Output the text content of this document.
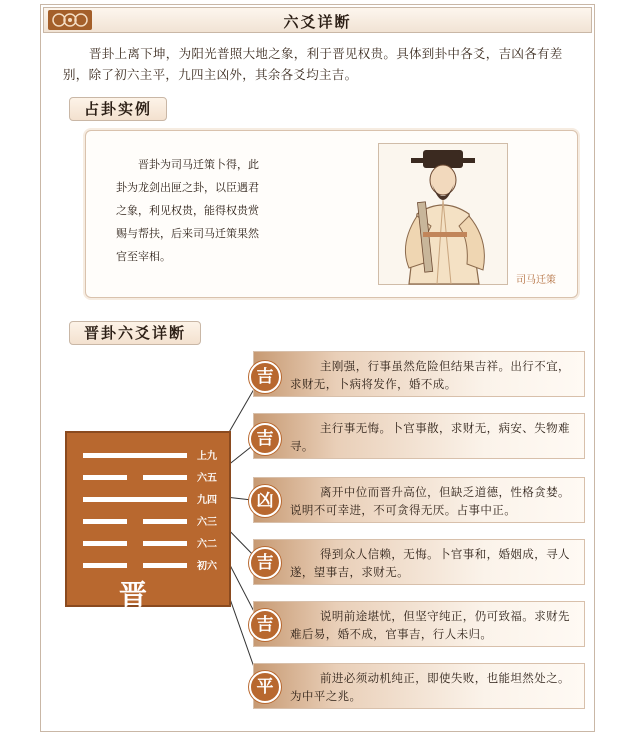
六爻详断

晋卦上离下坤，为阳光普照大地之象，利于晋见权贵。具体到卦中各爻，吉凶各有差别，除了初六主平，九四主凶外，其余各爻均主吉。

占卦实例

晋卦为司马迁策卜得，此卦为龙剑出匣之卦，以臣遇君之象，利见权贵，能得权贵赏赐与帮扶，后来司马迁策果然官至宰相。

司马迁策
晋卦六爻详断
上九
六五
九四
六三
六二
初六
晋

主刚强，行事虽然危险但结果吉祥。出行不宜，求财无，卜病将发作，婚不成。

吉

主行事无悔。卜官事散，求财无，病安、失物难寻。

吉

离开中位而晋升高位，但缺乏道德，性格贪婪。说明不可幸进，不可贪得无厌。占事中正。

凶

得到众人信赖，无悔。卜官事和，婚姻成，寻人遂，望事吉，求财无。

吉

说明前途堪忧，但坚守纯正，仍可致福。求财先难后易，婚不成，官事吉，行人未归。

吉

前进必须动机纯正，即使失败，也能坦然处之。为中平之兆。

平
